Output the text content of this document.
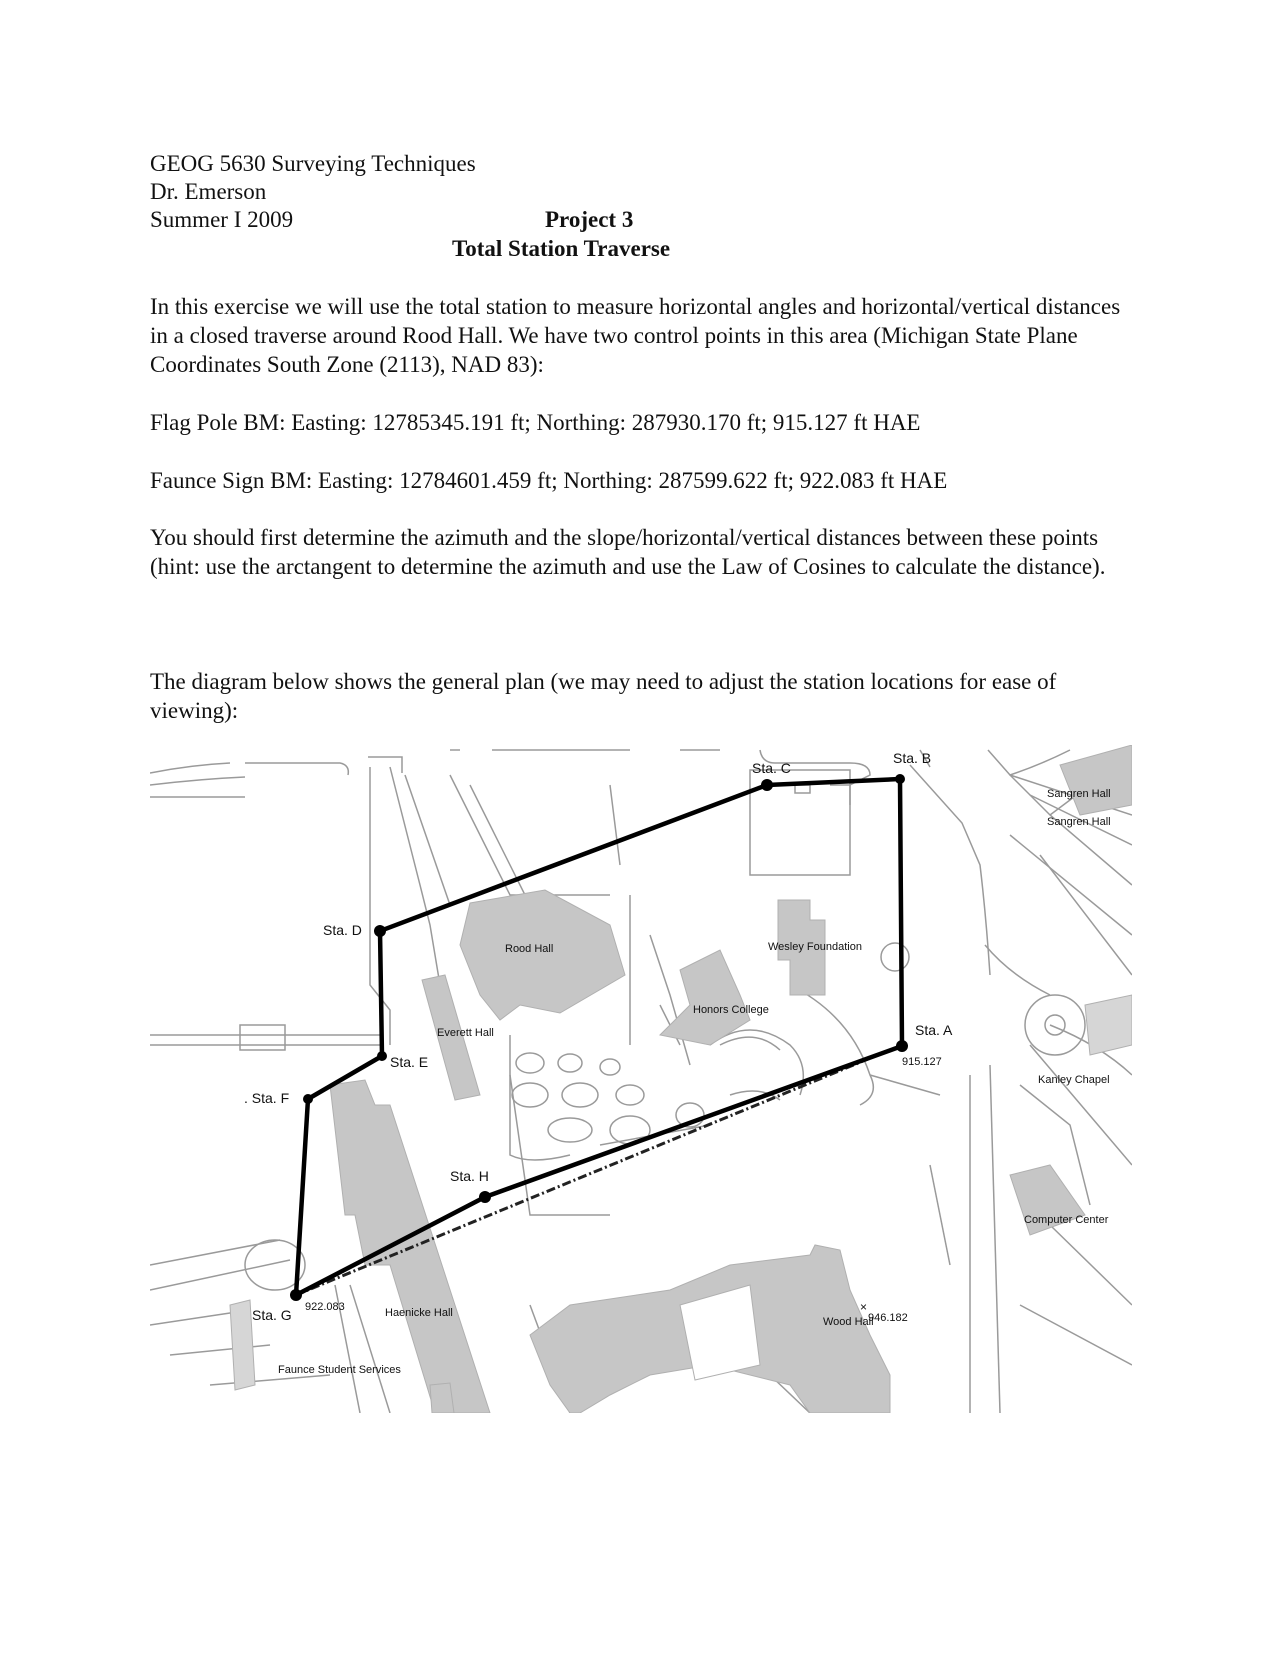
GEOG 5630 Surveying Techniques
Dr. Emerson
Summer I 2009	Project 3
Total Station Traverse

In this exercise we will use the total station to measure horizontal angles and horizontal/vertical distances in a closed traverse around Rood Hall. We have two control points in this area (Michigan State Plane Coordinates South Zone (2113), NAD 83):

Flag Pole BM: Easting: 12785345.191 ft; Northing: 287930.170 ft; 915.127 ft HAE

Faunce Sign BM: Easting: 12784601.459 ft; Northing: 287599.622 ft; 922.083 ft HAE

You should first determine the azimuth and the slope/horizontal/vertical distances between these points (hint: use the arctangent to determine the azimuth and use the Law of Cosines to calculate the distance).

The diagram below shows the general plan (we may need to adjust the station locations for ease of viewing):

Sta. A
Sta. B
Sta. C
Sta. D
Sta. E
. Sta. F
Sta. G
Sta. H
Rood Hall	Wesley Foundation
Honors College
Everett Hall
Sangren Hall
Sangren Hall
Kanley Chapel
Computer Center
Haenicke Hall
Wood Hall
Faunce Student Services
915.127
922.083
946.182
×
